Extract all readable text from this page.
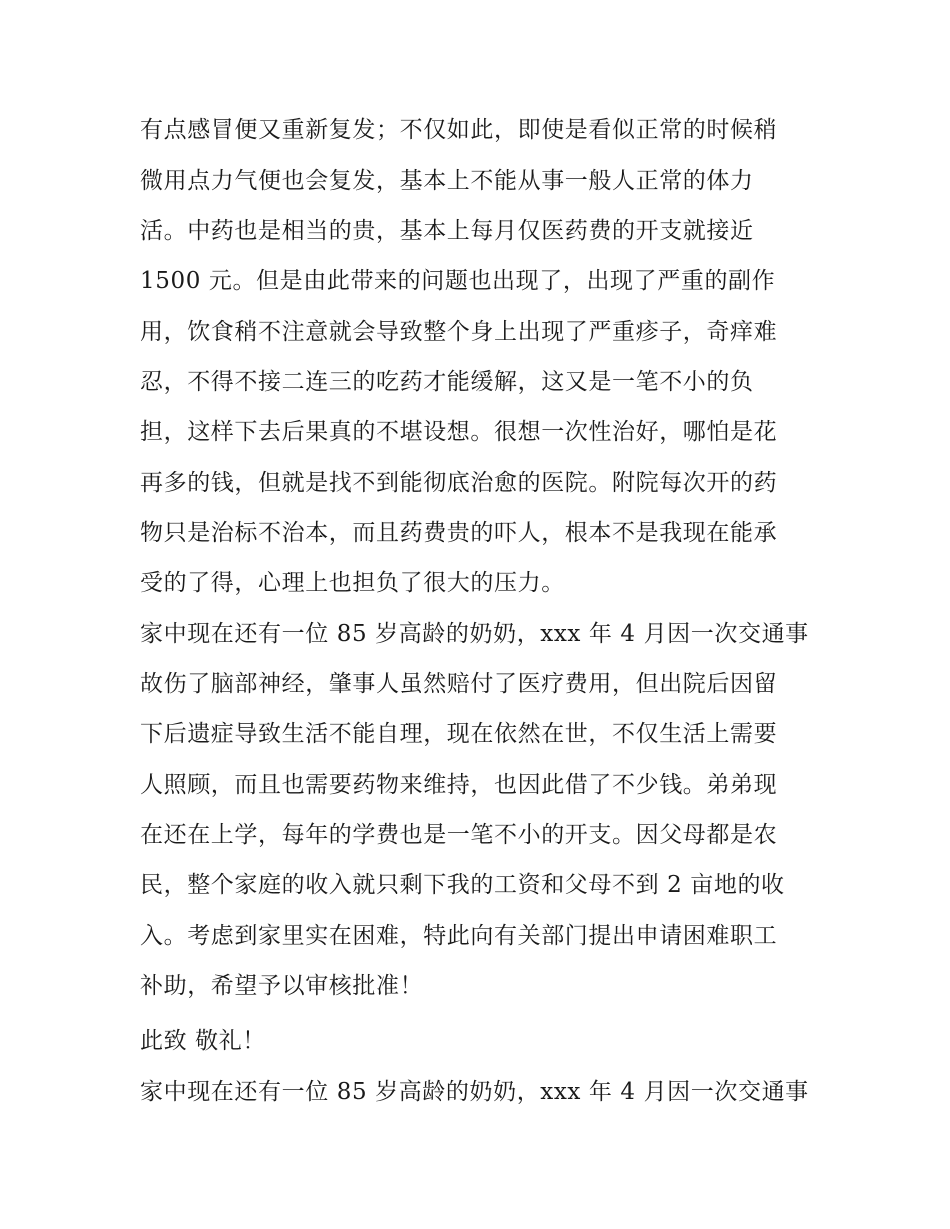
有点感冒便又重新复发；不仅如此，即使是看似正常的时候稍
微用点力气便也会复发，基本上不能从事一般人正常的体力
活。中药也是相当的贵，基本上每月仅医药费的开支就接近
1500 元。但是由此带来的问题也出现了，出现了严重的副作
用，饮食稍不注意就会导致整个身上出现了严重疹子，奇痒难
忍，不得不接二连三的吃药才能缓解，这又是一笔不小的负
担，这样下去后果真的不堪设想。很想一次性治好，哪怕是花
再多的钱，但就是找不到能彻底治愈的医院。附院每次开的药
物只是治标不治本，而且药费贵的吓人，根本不是我现在能承
受的了得，心理上也担负了很大的压力。
家中现在还有一位 85 岁高龄的奶奶，xxx 年 4 月因一次交通事
故伤了脑部神经，肇事人虽然赔付了医疗费用，但出院后因留
下后遗症导致生活不能自理，现在依然在世，不仅生活上需要
人照顾，而且也需要药物来维持，也因此借了不少钱。弟弟现
在还在上学，每年的学费也是一笔不小的开支。因父母都是农
民，整个家庭的收入就只剩下我的工资和父母不到 2 亩地的收
入。考虑到家里实在困难，特此向有关部门提出申请困难职工
补助，希望予以审核批准！
此致 敬礼！
家中现在还有一位 85 岁高龄的奶奶，xxx 年 4 月因一次交通事
